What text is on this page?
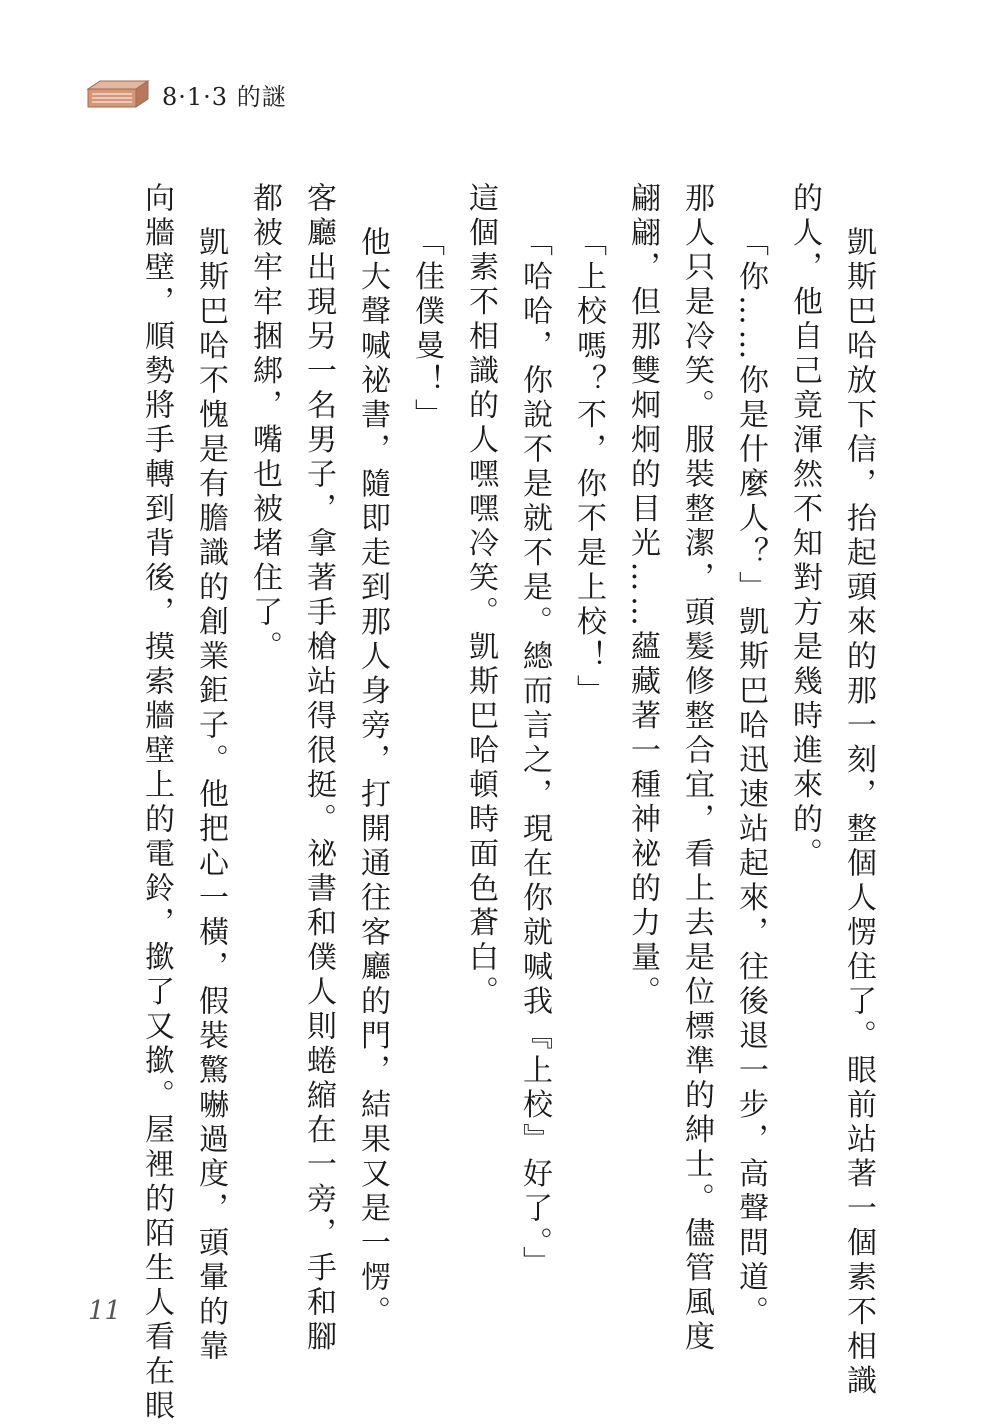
8·1·3 的謎
凱斯巴哈放下信，抬起頭來的那一刻，整個人愣住了。眼前站著一個素不相識
的人，他自己竟渾然不知對方是幾時進來的。
「你……你是什麼人？」凱斯巴哈迅速站起來，往後退一步，高聲問道。
那人只是冷笑。服裝整潔，頭髮修整合宜，看上去是位標準的紳士。儘管風度
翩翩，但那雙炯炯的目光……蘊藏著一種神祕的力量。
「上校嗎？不，你不是上校！」
「哈哈，你說不是就不是。總而言之，現在你就喊我『上校』好了。」
這個素不相識的人嘿嘿冷笑。凱斯巴哈頓時面色蒼白。
「佳僕曼！」
他大聲喊祕書，隨即走到那人身旁，打開通往客廳的門，結果又是一愣。
客廳出現另一名男子，拿著手槍站得很挺。祕書和僕人則蜷縮在一旁，手和腳
都被牢牢捆綁，嘴也被堵住了。
凱斯巴哈不愧是有膽識的創業鉅子。他把心一橫，假裝驚嚇過度，頭暈的靠
向牆壁，順勢將手轉到背後，摸索牆壁上的電鈴，撳了又撳。屋裡的陌生人看在眼
11
